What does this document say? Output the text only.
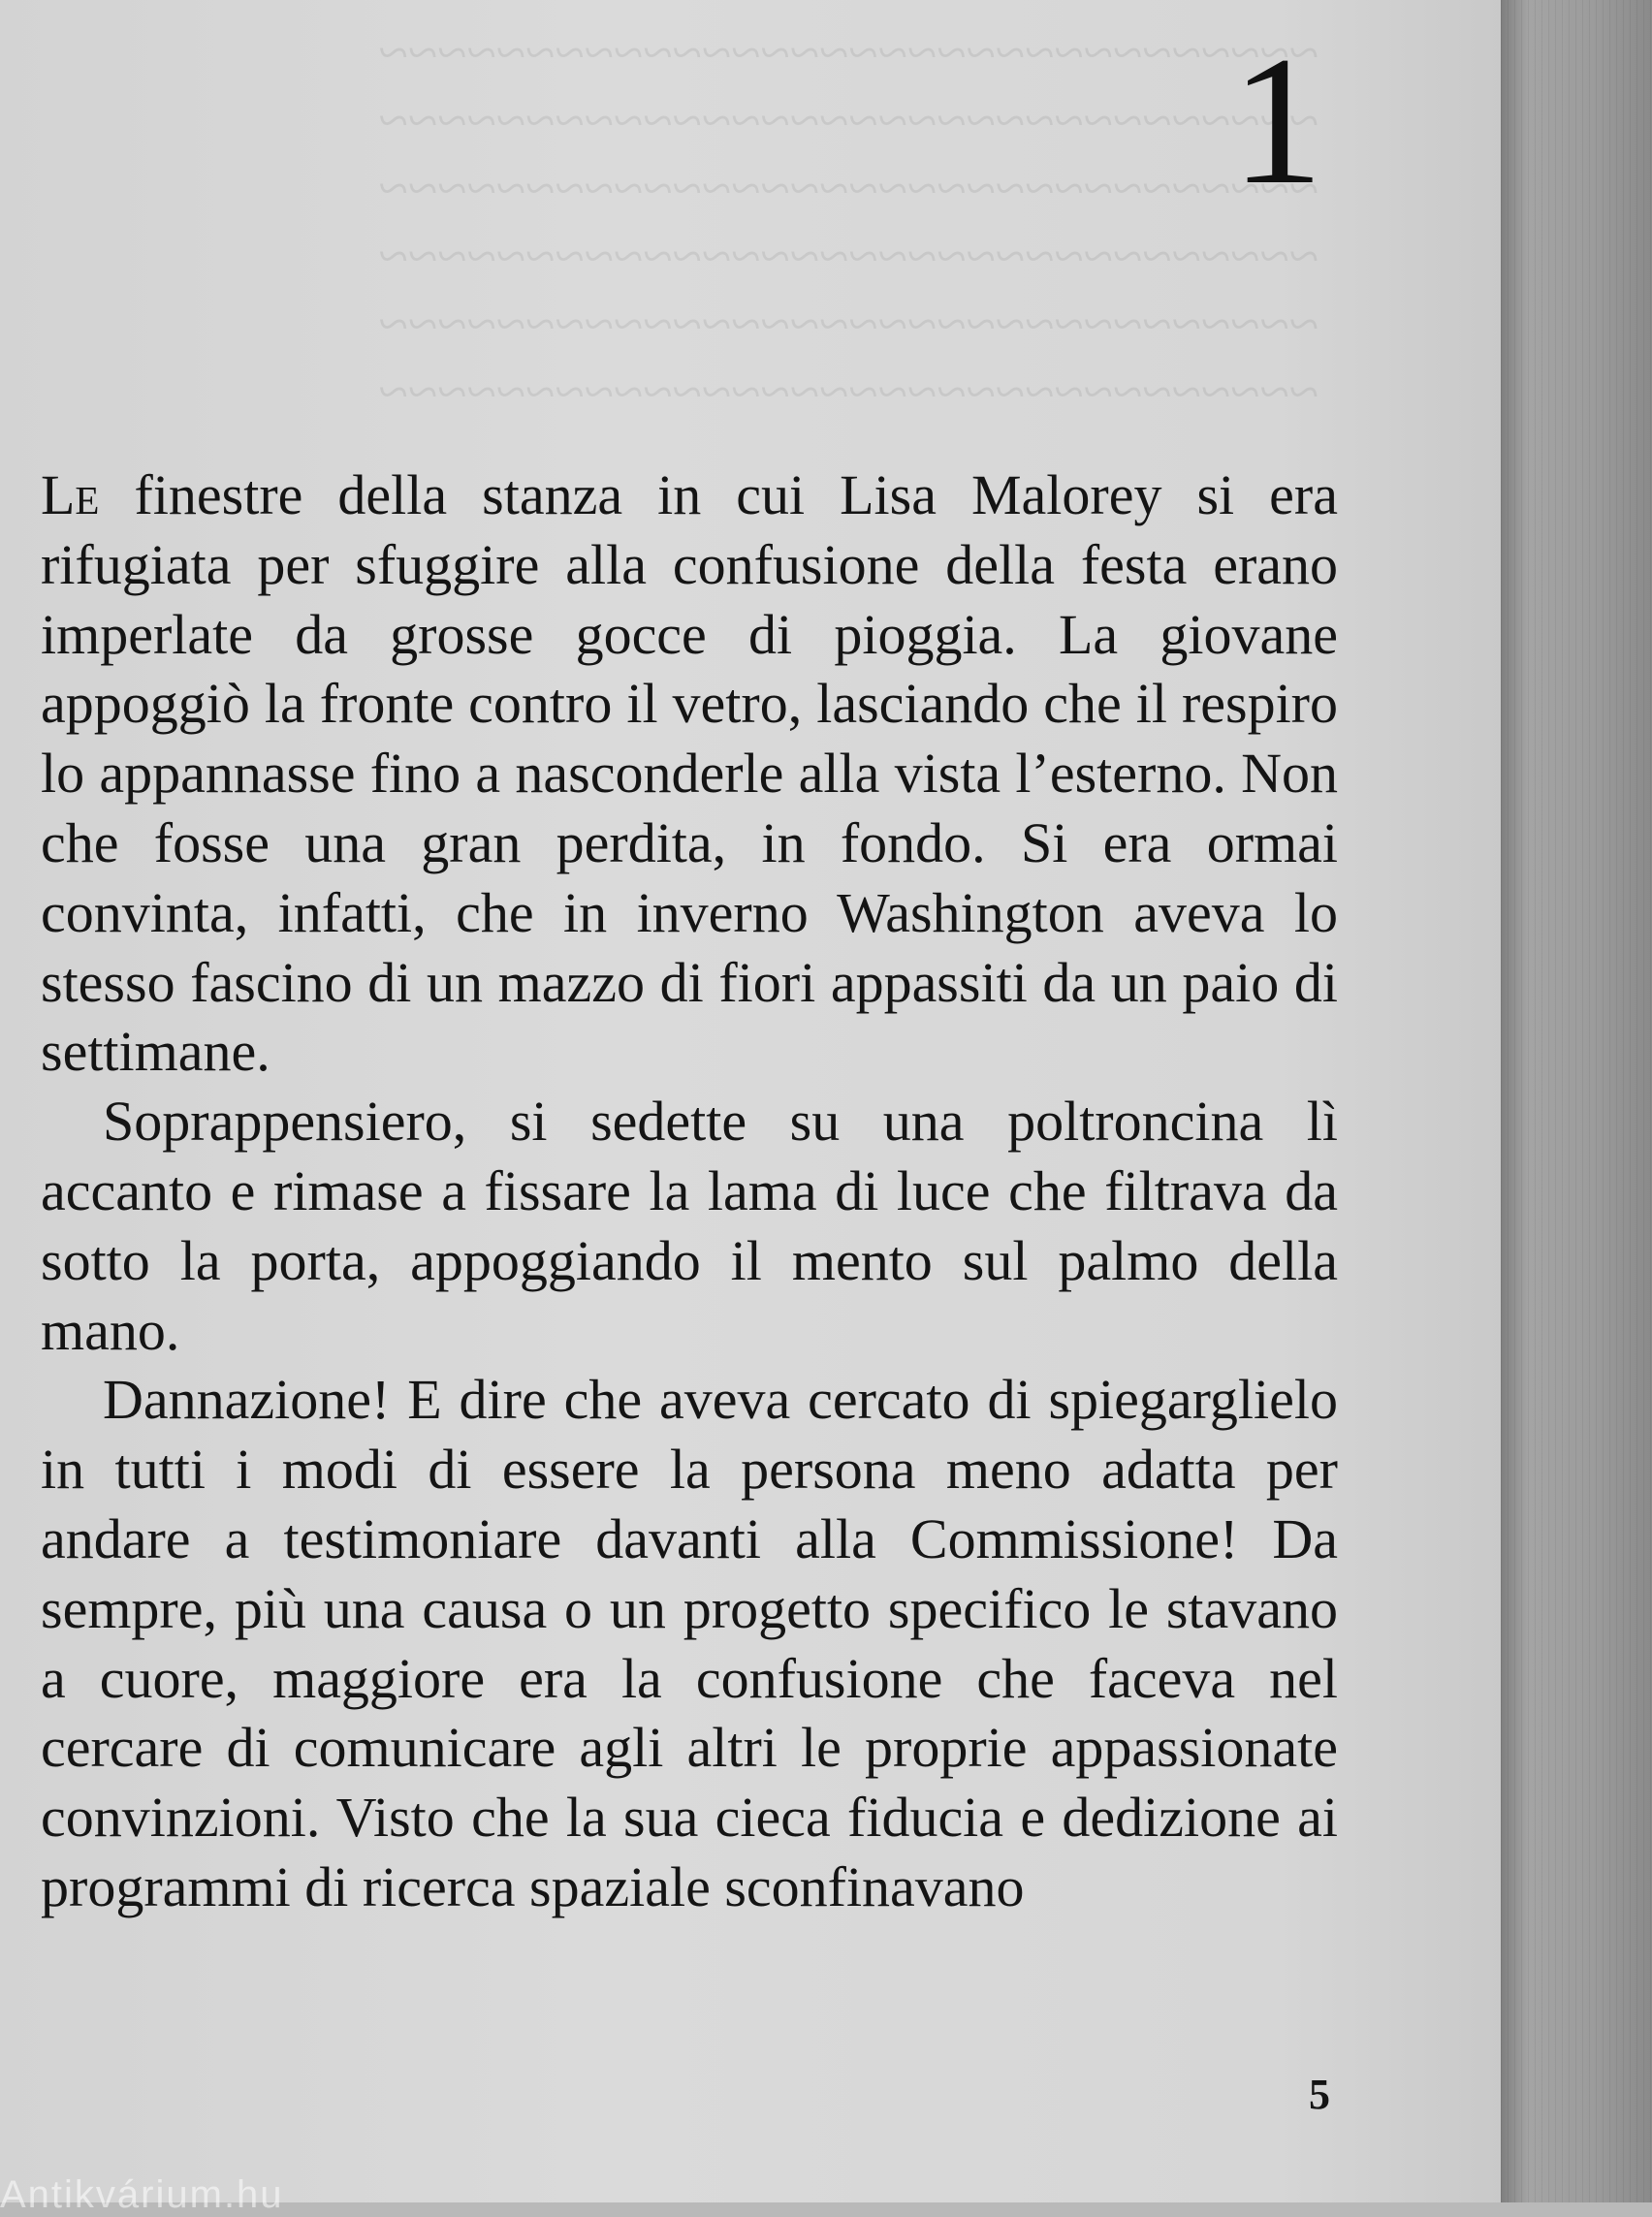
~~~~~~~~~~~~~~~~~~~~~~~~~~~~~~~~
~~~~~~~~~~~~~~~~~~~~~~~~~~~~~~~~
~~~~~~~~~~~~~~~~~~~~~~~~~~~~~~~~
~~~~~~~~~~~~~~~~~~~~~~~~~~~~~~~~
~~~~~~~~~~~~~~~~~~~~~~~~~~~~~~~~
~~~~~~~~~~~~~~~~~~~~~~~~~~~~~~~~
1

Le finestre della stanza in cui Lisa Malorey si era rifugiata per sfuggire alla confusione della festa erano imperlate da grosse gocce di pioggia. La giovane appoggiò la fronte contro il vetro, lasciando che il respiro lo appannasse fino a nasconderle alla vista l’esterno. Non che fosse una gran perdita, in fondo. Si era ormai convinta, infatti, che in inverno Washington aveva lo stesso fascino di un mazzo di fiori appassiti da un paio di settimane.

Soprappensiero, si sedette su una poltroncina lì accanto e rimase a fissare la lama di luce che filtrava da sotto la porta, appoggiando il mento sul palmo della mano.

Dannazione! E dire che aveva cercato di spiegarglielo in tutti i modi di essere la persona meno adatta per andare a testimoniare davanti alla Commissione! Da sempre, più una causa o un progetto specifico le stavano a cuore, maggiore era la confusione che faceva nel cercare di comunicare agli altri le proprie appassionate convinzioni. Visto che la sua cieca fiducia e dedizione ai programmi di ricerca spaziale sconfinavano

5
Antikvárium.hu
